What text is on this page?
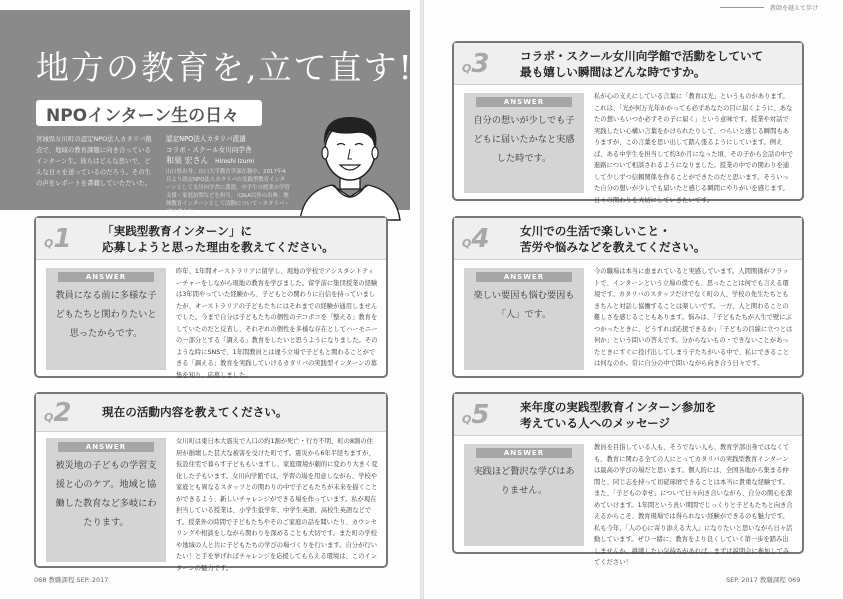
地方の教育を,立て直す!
NPOインターン生の日々
宮城県女川町の認定NPO法人カタリバ拠点で、地域の教育課題に向き合っているインターン生。彼らはどんな思いで、どんな日々を送っているのだろう。その生の声をレポートを書籍していただいた。
認定NPO法人カタリバ派遣
コラボ・スクール女川向学舎
和泉 宏さん Hiroshi Izumi
山口県出身。山口大学教育学部在籍中、2017年4月より認定NPO法人カタリバの実践型教育インターンとして女川向学舎に派遣。中学生の授業の学習支援・家庭訪問などを担当。（Q&A以外の出典：地域教育インターンとして活動について・カタリバ・ブログより）
教師を越えて歩け
Q1	「実践型教育インターン」に
応募しようと思った理由を教えてください。
ANSWER
教員になる前に多様な子どもたちと関わりたいと思ったからです。
昨年、1年間オーストラリアに留学し、現地の学校でアシスタントティーチャーをしながら現地の教育を学びました。留学前に集団授業の経験は3年間やっていた経験から、子どもとの関わりに自信を持っていましたが、オーストラリアの子どもたちにはそれまでの経験が通用しませんでした。今まで自分は子どもたちの個性のデコボコを「整える」教育をしていたのだと反省し、それぞれの個性を多様な存在としてハーモニーの一部分とする「調える」教育をしたいと思うようになりました。そのような時にSNSで、1年間教員とは違う立場で子どもと関わることができる「調える」教育を実践していけるカタリバの実践型インターンの募集を知り、応募しました。
Q2	現在の活動内容を教えてください。
ANSWER
被災地の子どもの学習支援と心のケア。地域と協働した教育など多岐にわたります。
女川町は東日本大震災で人口の約1割が死亡・行方不明、町の8割の住居が損壊した甚大な被害を受けた町です。震災から6年半経ちますが、仮設住宅で暮らす子どももいますし、家庭環境が劇的に変わり大きく変化した子もいます。女川向学館では、学習の場を用意しながら、学校や家庭とも異なるスタッフとの関わりの中で子どもたちが未来を描くことができるよう、新しいチャレンジができる場を作っています。私が現在担当している授業は、小学生低学年、中学生英語、高校生英語などです。授業外の時間で子どもたちやそのご家庭の話を聞いたり、カウンセリングや相談をしながら関わりを深めることも大切です。また町の学校や地域の人と共に子どもたちの学びの場づくりを行います。自分が行いたい！と手を挙げればチャレンジを応援してもらえる環境は、このインターンの魅力です。
Q3	コラボ・スクール女川向学館で活動をしていて
最も嬉しい瞬間はどんな時ですか。
ANSWER
自分の想いが少しでも子どもに届いたかなと実感した時です。
私が心の支えにしている言葉に「教育は光」というものがあります。これは、「光が何万光年かかっても必ずあなたの目に届くように、あなたの想いもいつか必ずその子に届く」という意味です。授業や対話で実践したい心構い言葉をかけられたりして、つらいと感じる瞬間もありますが、この言葉を思い出して踏ん張るようにしています。例えば、ある中学生を担当して約3か月になった頃、その子から会話の中で進路について相談されるようになりました。授業の中での関わりを通して少しずつ信頼関係を作ることができたのだと思います。そういった自分の想いが少しでも届いたと感じる瞬間にやりがいを感じます。日々の関わりを大切にしていきたいです。
Q4	女川での生活で楽しいこと・
苦労や悩みなどを教えてください。
ANSWER
楽しい要因も悩む要因も「人」です。
今の職場は本当に恵まれていると実感しています。人間関係がフラットで、インターンという立場の僕でも、思ったことは何でも言える環境です。カタリバのスタッフだけでなく町の人、学校の先生たちともきちんと対話し協働することは楽しいです。一方、人と関わることの難しさを感じることもあります。悩みは、「子どもたちが人生で壁にぶつかったときに、どうすれば応援できるか」「子どもの目線に立つとは何か」という問いの答えです。分からないもの・できないことがあったときにすぐに投げ出してしまう子たちがいる中で、私にできることは何なのか。常に自分の中で問いながら向き合う日々です。
Q5	来年度の実践型教育インターン参加を
考えている人へのメッセージ
ANSWER
実践ほど贅沢な学びはありません。
教員を目指している人も、そうでない人も、教育学部出身ではなくても、教育に関わる全ての人にとってカタリバの実践型教育インターンは最高の学びの場だと思います。個人的には、全国各地から集まる仲間と、同じ志を持って切磋琢磨できることは本当に貴重な経験です。また、「子どもの幸せ」について日々向き合いながら、自分の関心を深めていけます。1年間という長い期間でじっくりと子どもたちと向き合えるからこそ、教育現場では得られない経験ができるのも魅力です。私も今年、「人の心に寄り添える大人」になりたいと思いながら日々活動しています。ぜひ一緒に、教育をより良くしていく第一歩を踏み出しませんか。挑戦したい気持ちがあれば、まずは説明会に参加してみてください！
068 教職課程 SEP. 2017	SEP. 2017 教職課程 069
